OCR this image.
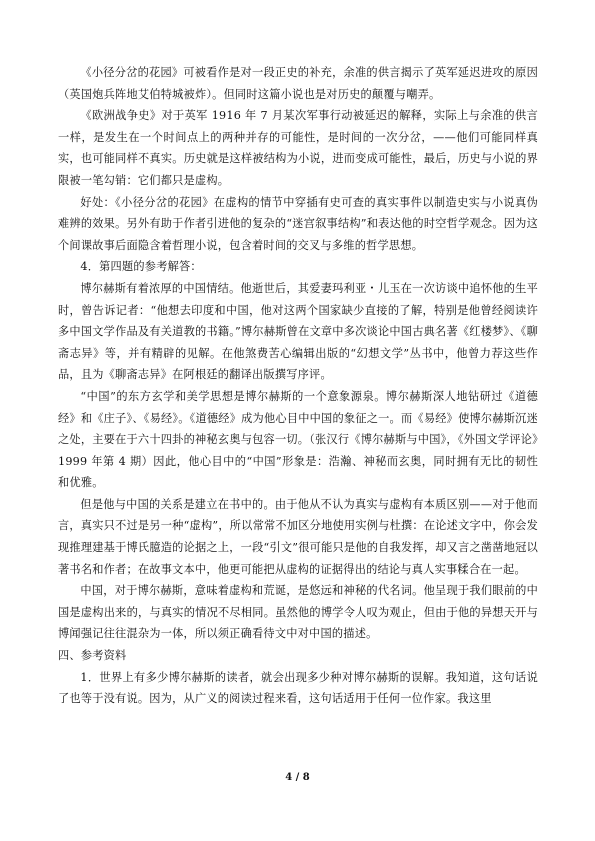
《小径分岔的花园》可被看作是对一段正史的补充，余准的供言揭示了英军延迟进攻的原因（英国炮兵阵地艾伯特城被炸）。但同时这篇小说也是对历史的颠覆与嘲弄。

《欧洲战争史》对于英军 1916 年 7 月某次军事行动被延迟的解释，实际上与余准的供言一样，是发生在一个时间点上的两种并存的可能性，是时间的一次分岔，——他们可能同样真实，也可能同样不真实。历史就是这样被结构为小说，进而变成可能性，最后，历史与小说的界限被一笔勾销：它们都只是虚构。

好处：《小径分岔的花园》在虚构的情节中穿插有史可查的真实事件以制造史实与小说真伪难辨的效果。另外有助于作者引进他的复杂的“迷宫叙事结构”和表达他的时空哲学观念。因为这个间课故事后面隐含着哲理小说，包含着时间的交叉与多维的哲学思想。

4．第四题的参考解答：

博尔赫斯有着浓厚的中国情结。他逝世后，其爱妻玛利亚・儿玉在一次访谈中追怀他的生平时，曾告诉记者：“他想去印度和中国，他对这两个国家缺少直接的了解，特别是他曾经阅读许多中国文学作品及有关道教的书籍。”博尔赫斯曾在文章中多次谈论中国古典名著《红楼梦》、《聊斋志异》等，并有精辟的见解。在他煞费苦心编辑出版的“幻想文学”丛书中，他曾力荐这些作品，且为《聊斋志异》在阿根廷的翻译出版撰写序评。

“中国”的东方玄学和美学思想是博尔赫斯的一个意象源泉。博尔赫斯深人地钻研过《道德经》和《庄子》、《易经》。《道德经》成为他心目中中国的象征之一。而《易经》使博尔赫斯沉迷之处，主要在于六十四卦的神秘玄奥与包容一切。（张汉行《博尔赫斯与中国》，《外国文学评论》1999 年第 4 期）因此，他心目中的“中国”形象是：浩瀚、神秘而玄奥，同时拥有无比的韧性和优雅。

但是他与中国的关系是建立在书中的。由于他从不认为真实与虚构有本质区别——对于他而言，真实只不过是另一种“虚构”，所以常常不加区分地使用实例与杜撰：在论述文字中，你会发现推理建基于博氏臆造的论据之上，一段“引文”很可能只是他的自我发挥，却又言之凿凿地冠以著书名和作者；在故事文本中，他更可能把从虚构的证据得出的结论与真人实事糅合在一起。

中国，对于博尔赫斯，意味着虚构和荒诞，是悠远和神秘的代名词。他呈现于我们眼前的中国是虚构出来的，与真实的情况不尽相同。虽然他的博学令人叹为观止，但由于他的异想天开与博闻强记往往混杂为一体，所以须正确看待文中对中国的描述。

四、参考资料

1．世界上有多少博尔赫斯的读者，就会出现多少种对博尔赫斯的误解。我知道，这句话说了也等于没有说。因为，从广义的阅读过程来看，这句话适用于任何一位作家。我这里

4 / 8
